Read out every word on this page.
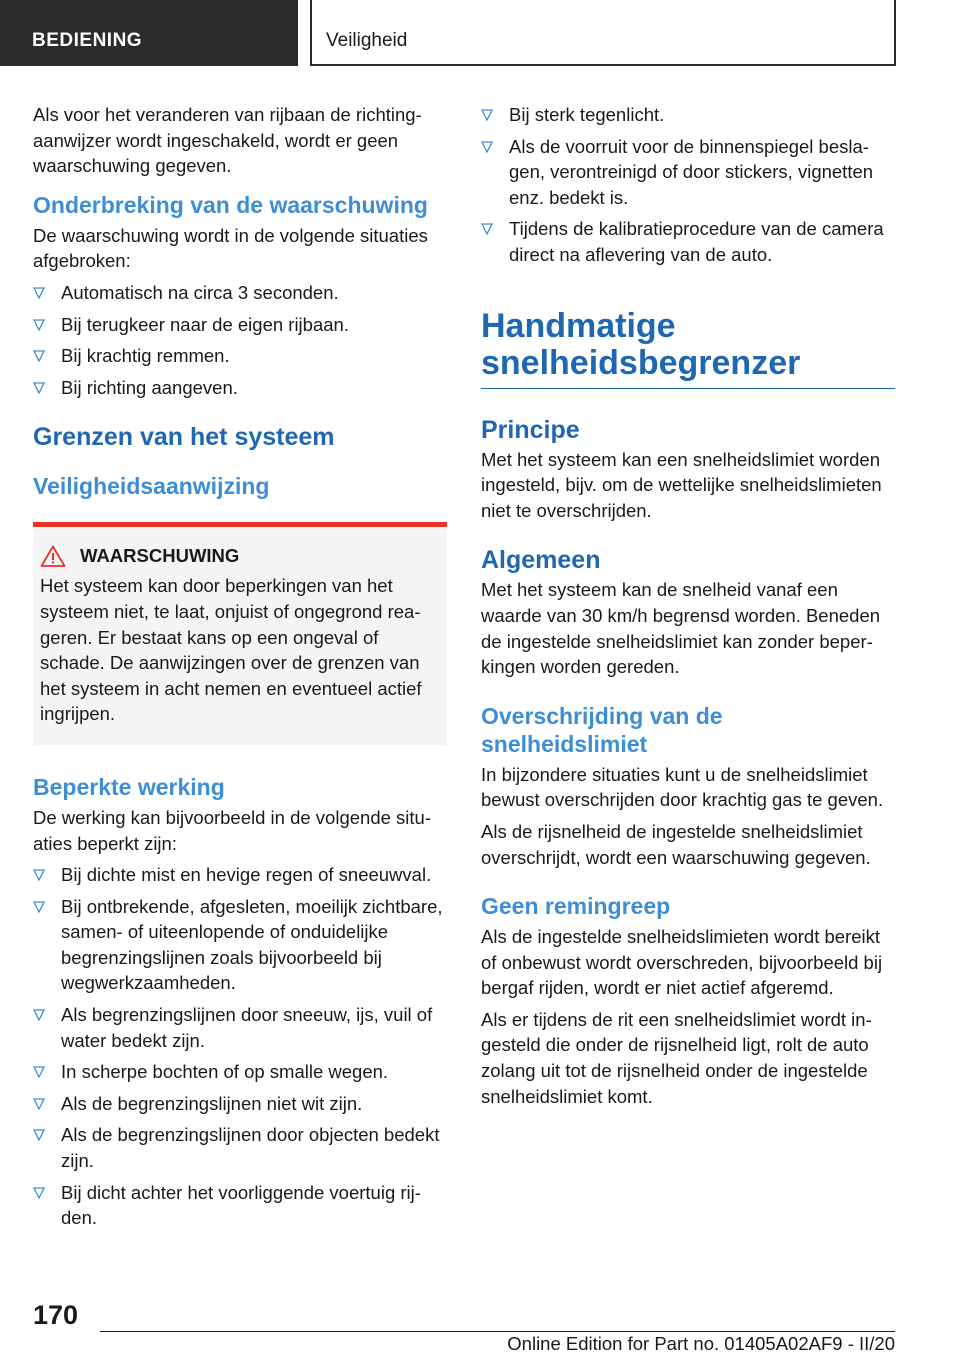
BEDIENING	Veiligheid

Als voor het veranderen van rijbaan de richtingaanwijzer wordt ingeschakeld, wordt er geen waarschuwing gegeven.

Onderbreking van de waarschuwing

De waarschuwing wordt in de volgende situaties afgebroken:

Automatisch na circa 3 seconden.
Bij terugkeer naar de eigen rijbaan.
Bij krachtig remmen.
Bij richting aangeven.
Grenzen van het systeem
Veiligheidsaanwijzing
WAARSCHUWING

Het systeem kan door beperkingen van het systeem niet, te laat, onjuist of ongegrond reageren. Er bestaat kans op een ongeval of schade. De aanwijzingen over de grenzen van het systeem in acht nemen en eventueel actief ingrijpen.

Beperkte werking

De werking kan bijvoorbeeld in de volgende situaties beperkt zijn:

Bij dichte mist en hevige regen of sneeuwval.
Bij ontbrekende, afgesleten, moeilijk zichtbare, samen- of uiteenlopende of onduidelijke begrenzingslijnen zoals bijvoorbeeld bij wegwerkzaamheden.
Als begrenzingslijnen door sneeuw, ijs, vuil of water bedekt zijn.
In scherpe bochten of op smalle wegen.
Als de begrenzingslijnen niet wit zijn.
Als de begrenzingslijnen door objecten bedekt zijn.
Bij dicht achter het voorliggende voertuig rijden.
Bij sterk tegenlicht.
Als de voorruit voor de binnenspiegel beslagen, verontreinigd of door stickers, vignetten enz. bedekt is.
Tijdens de kalibratieprocedure van de camera direct na aflevering van de auto.
Handmatige snelheidsbegrenzer
Principe

Met het systeem kan een snelheidslimiet worden ingesteld, bijv. om de wettelijke snelheidslimieten niet te overschrijden.

Algemeen

Met het systeem kan de snelheid vanaf een waarde van 30 km/h begrensd worden. Beneden de ingestelde snelheidslimiet kan zonder beperkingen worden gereden.

Overschrijding van de snelheidslimiet

In bijzondere situaties kunt u de snelheidslimiet bewust overschrijden door krachtig gas te geven.

Als de rijsnelheid de ingestelde snelheidslimiet overschrijdt, wordt een waarschuwing gegeven.

Geen remingreep

Als de ingestelde snelheidslimieten wordt bereikt of onbewust wordt overschreden, bijvoorbeeld bij bergaf rijden, wordt er niet actief afgeremd.

Als er tijdens de rit een snelheidslimiet wordt ingesteld die onder de rijsnelheid ligt, rolt de auto zolang uit tot de rijsnelheid onder de ingestelde snelheidslimiet komt.

170
Online Edition for Part no. 01405A02AF9 - II/20
